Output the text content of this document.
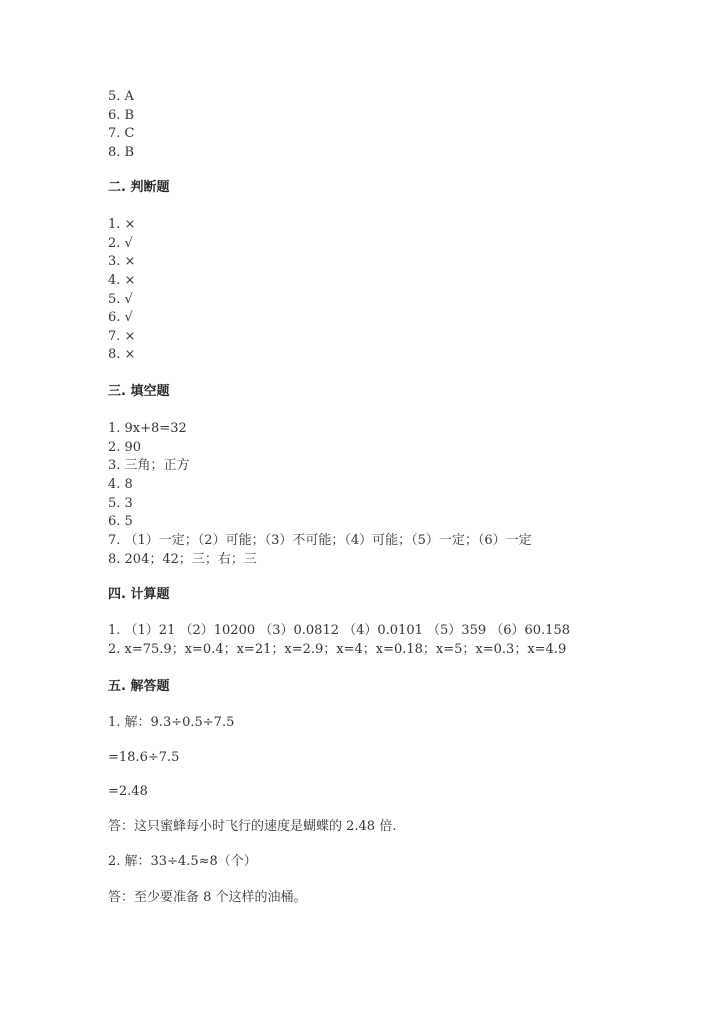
5. A
6. B
7. C
8. B
二. 判断题
1. ×
2. √
3. ×
4. ×
5. √
6. √
7. ×
8. ×
三. 填空题
1. 9x+8=32
2. 90
3. 三角；正方
4. 8
5. 3
6. 5
7. （1）一定；（2）可能；（3）不可能；（4）可能；（5）一定；（6）一定
8. 204；42；三；右；三
四. 计算题
1. （1）21 （2）10200 （3）0.0812 （4）0.0101 （5）359 （6）60.158
2. x=75.9；x=0.4；x=21；x=2.9；x=4；x=0.18；x=5；x=0.3；x=4.9
五. 解答题
1. 解：9.3÷0.5÷7.5
=18.6÷7.5
=2.48
答：这只蜜蜂每小时飞行的速度是蝴蝶的 2.48 倍.
2. 解：33÷4.5≈8（个）
答：至少要准备 8 个这样的油桶。
